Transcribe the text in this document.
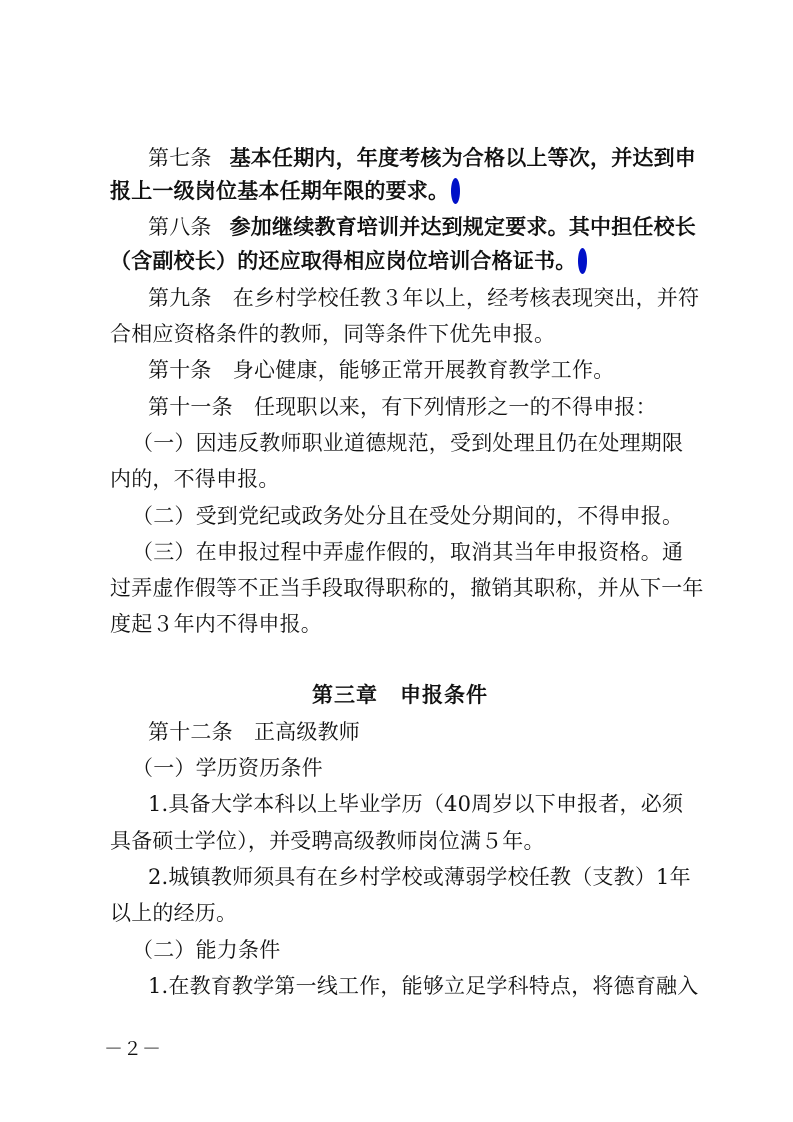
第七条 基本任期内，年度考核为合格以上等次，并达到申
报上一级岗位基本任期年限的要求。
第八条 参加继续教育培训并达到规定要求。其中担任校长
（含副校长）的还应取得相应岗位培训合格证书。
第九条　在乡村学校任教３年以上，经考核表现突出，并符
合相应资格条件的教师，同等条件下优先申报。
第十条　身心健康，能够正常开展教育教学工作。
第十一条　任现职以来，有下列情形之一的不得申报：
（一）因违反教师职业道德规范，受到处理且仍在处理期限
内的，不得申报。
（二）受到党纪或政务处分且在受处分期间的，不得申报。
（三）在申报过程中弄虚作假的，取消其当年申报资格。通
过弄虚作假等不正当手段取得职称的，撤销其职称，并从下一年
度起３年内不得申报。
第三章　申报条件
第十二条　正高级教师
（一）学历资历条件
1.具备大学本科以上毕业学历（40周岁以下申报者，必须
具备硕士学位），并受聘高级教师岗位满５年。
2.城镇教师须具有在乡村学校或薄弱学校任教（支教）1年
以上的经历。
（二）能力条件
1.在教育教学第一线工作，能够立足学科特点，将德育融入
－２－
